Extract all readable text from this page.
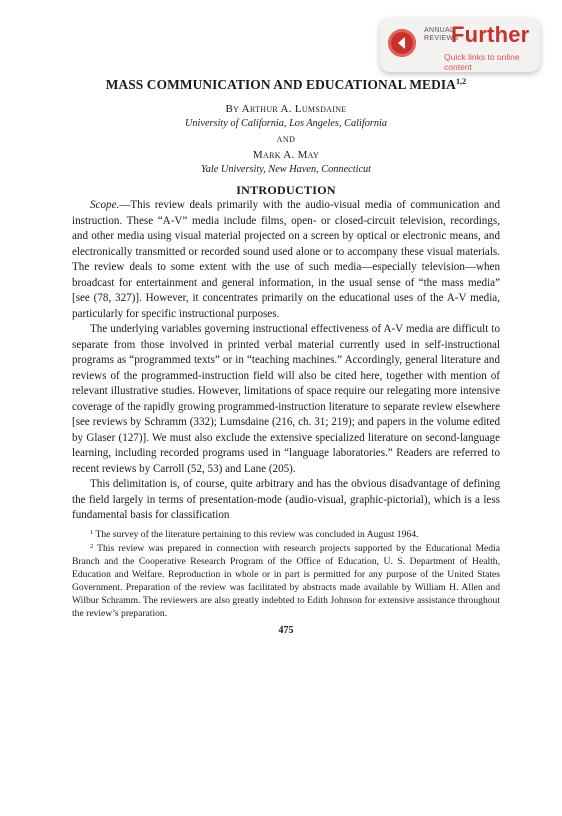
ANNUAL
REVIEWS
Further
Quick links to online content
MASS COMMUNICATION AND EDUCATIONAL MEDIA$^{1,2}$

By Arthur A. Lumsdaine

University of California, Los Angeles, California

AND

Mark A. May

Yale University, New Haven, Connecticut

INTRODUCTION

Scope.—This review deals primarily with the audio-visual media of communication and instruction. These “A-V” media include films, open- or closed-circuit television, recordings, and other media using visual material projected on a screen by optical or electronic means, and electronically transmitted or recorded sound used alone or to accompany these visual materials. The review deals to some extent with the use of such media—especially television—when broadcast for entertainment and general information, in the usual sense of “the mass media” [see (78, 327)]. However, it concentrates primarily on the educational uses of the A-V media, particularly for specific instructional purposes.

The underlying variables governing instructional effectiveness of A-V media are difficult to separate from those involved in printed verbal material currently used in self-instructional programs as “programmed texts” or in “teaching machines.” Accordingly, general literature and reviews of the programmed-instruction field will also be cited here, together with mention of relevant illustrative studies. However, limitations of space require our relegating more intensive coverage of the rapidly growing programmed-instruction literature to separate review elsewhere [see reviews by Schramm (332); Lumsdaine (216, ch. 31; 219); and papers in the volume edited by Glaser (127)]. We must also exclude the extensive specialized literature on second-language learning, including recorded programs used in “language laboratories.” Readers are referred to recent reviews by Carroll (52, 53) and Lane (205).

This delimitation is, of course, quite arbitrary and has the obvious disadvantage of defining the field largely in terms of presentation-mode (audio-visual, graphic-pictorial), which is a less fundamental basis for classification

$^1$ The survey of the literature pertaining to this review was concluded in August 1964.

$^2$ This review was prepared in connection with research projects supported by the Educational Media Branch and the Cooperative Research Program of the Office of Education, U. S. Department of Health, Education and Welfare. Reproduction in whole or in part is permitted for any purpose of the United States Government. Preparation of the review was facilitated by abstracts made available by William H. Allen and Wilbur Schramm. The reviewers are also greatly indebted to Edith Johnson for extensive assistance throughout the review’s preparation.

475
